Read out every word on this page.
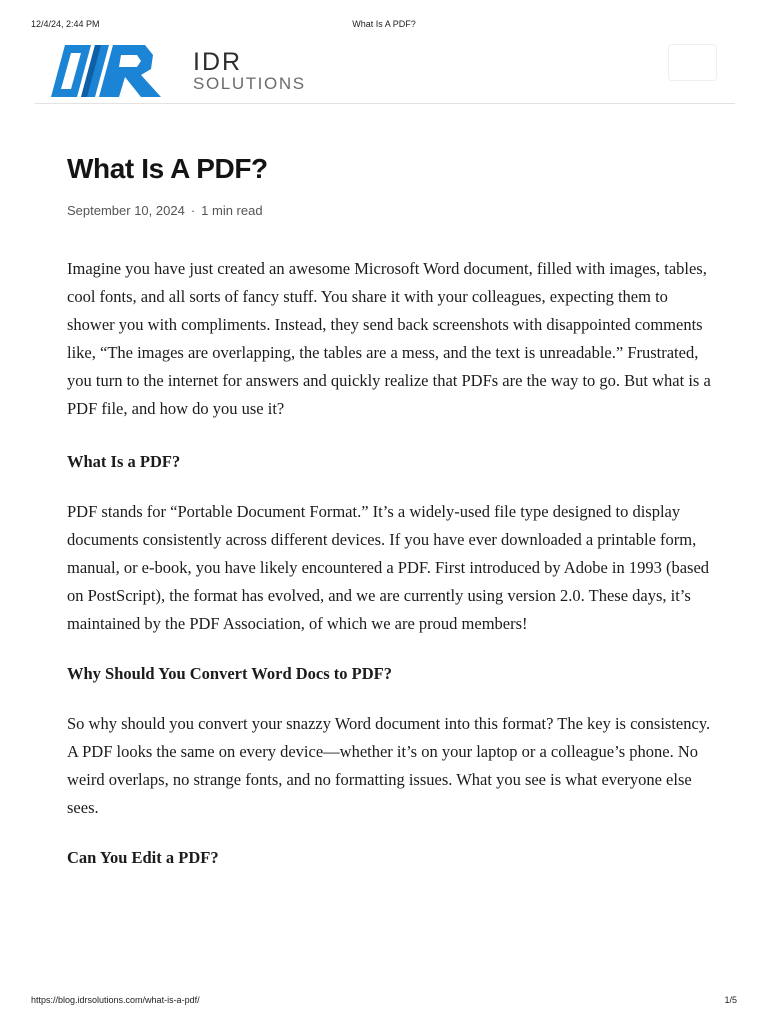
12/4/24, 2:44 PM	What Is A PDF?
IDR
SOLUTIONS
What Is A PDF?
September 10, 2024 · 1 min read

Imagine you have just created an awesome Microsoft Word document, filled with images, tables, cool fonts, and all sorts of fancy stuff. You share it with your colleagues, expecting them to shower you with compliments. Instead, they send back screenshots with disappointed comments like, “The images are overlapping, the tables are a mess, and the text is unreadable.” Frustrated, you turn to the internet for answers and quickly realize that PDFs are the way to go. But what is a PDF file, and how do you use it?

What Is a PDF?

PDF stands for “Portable Document Format.” It’s a widely-used file type designed to display documents consistently across different devices. If you have ever downloaded a printable form, manual, or e-book, you have likely encountered a PDF. First introduced by Adobe in 1993 (based on PostScript), the format has evolved, and we are currently using version 2.0. These days, it’s maintained by the PDF Association, of which we are proud members!

Why Should You Convert Word Docs to PDF?

So why should you convert your snazzy Word document into this format? The key is consistency. A PDF looks the same on every device—whether it’s on your laptop or a colleague’s phone. No weird overlaps, no strange fonts, and no formatting issues. What you see is what everyone else sees.

Can You Edit a PDF?
https://blog.idrsolutions.com/what-is-a-pdf/	1/5
